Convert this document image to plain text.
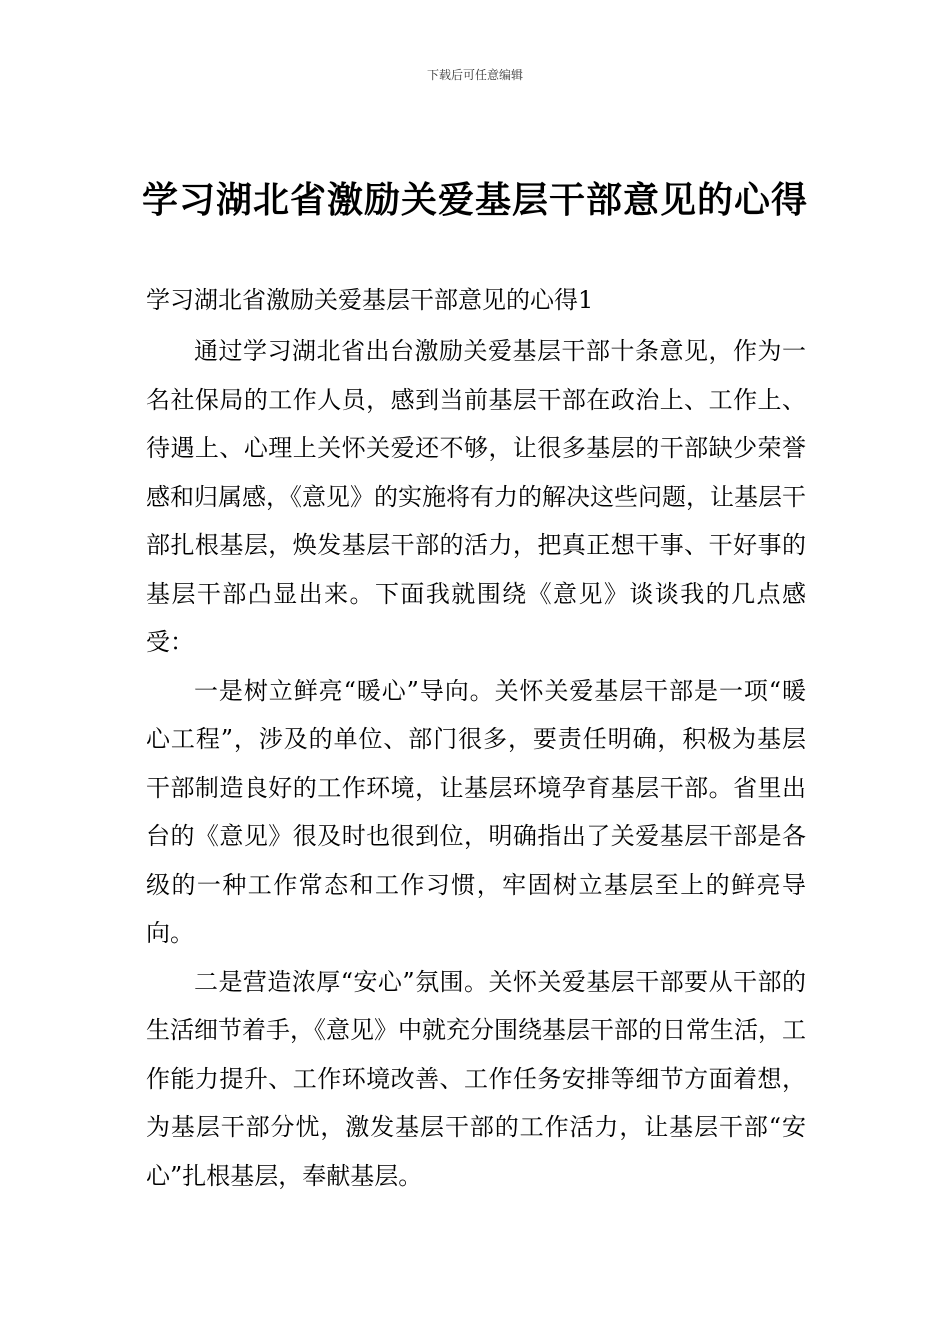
下载后可任意编辑
学习湖北省激励关爱基层干部意见的心得
学习湖北省激励关爱基层干部意见的心得1

通过学习湖北省出台激励关爱基层干部十条意见，作为一名社保局的工作人员，感到当前基层干部在政治上、工作上、待遇上、心理上关怀关爱还不够，让很多基层的干部缺少荣誉感和归属感，《意见》的实施将有力的解决这些问题，让基层干部扎根基层，焕发基层干部的活力，把真正想干事、干好事的基层干部凸显出来。下面我就围绕《意见》谈谈我的几点感受：

一是树立鲜亮“暖心”导向。关怀关爱基层干部是一项“暖心工程”，涉及的单位、部门很多，要责任明确，积极为基层干部制造良好的工作环境，让基层环境孕育基层干部。省里出台的《意见》很及时也很到位，明确指出了关爱基层干部是各级的一种工作常态和工作习惯，牢固树立基层至上的鲜亮导向。

二是营造浓厚“安心”氛围。关怀关爱基层干部要从干部的生活细节着手，《意见》中就充分围绕基层干部的日常生活，工作能力提升、工作环境改善、工作任务安排等细节方面着想，为基层干部分忧，激发基层干部的工作活力，让基层干部“安心”扎根基层，奉献基层。
